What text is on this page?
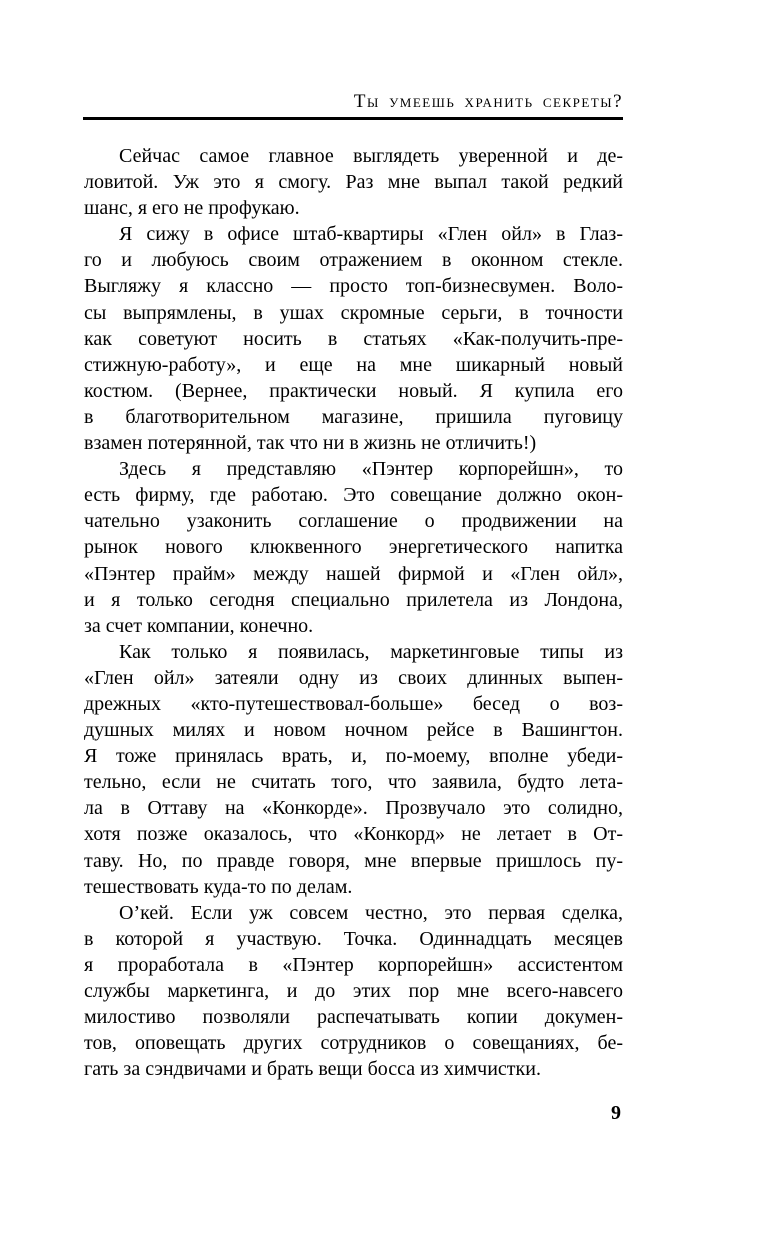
Ты умеешь хранить секреты?
Сейчас самое главное выглядеть уверенной и де-
ловитой. Уж это я смогу. Раз мне выпал такой редкий
шанс, я его не профукаю.
Я сижу в офисе штаб-квартиры «Глен ойл» в Глаз-
го и любуюсь своим отражением в оконном стекле.
Выгляжу я классно — просто топ-бизнесвумен. Воло-
сы выпрямлены, в ушах скромные серьги, в точности
как советуют носить в статьях «Как-получить-пре-
стижную-работу», и еще на мне шикарный новый
костюм. (Вернее, практически новый. Я купила его
в благотворительном магазине, пришила пуговицу
взамен потерянной, так что ни в жизнь не отличить!)
Здесь я представляю «Пэнтер корпорейшн», то
есть фирму, где работаю. Это совещание должно окон-
чательно узаконить соглашение о продвижении на
рынок нового клюквенного энергетического напитка
«Пэнтер прайм» между нашей фирмой и «Глен ойл»,
и я только сегодня специально прилетела из Лондона,
за счет компании, конечно.
Как только я появилась, маркетинговые типы из
«Глен ойл» затеяли одну из своих длинных выпен-
дрежных «кто-путешествовал-больше» бесед о воз-
душных милях и новом ночном рейсе в Вашингтон.
Я тоже принялась врать, и, по-моему, вполне убеди-
тельно, если не считать того, что заявила, будто лета-
ла в Оттаву на «Конкорде». Прозвучало это солидно,
хотя позже оказалось, что «Конкорд» не летает в От-
таву. Но, по правде говоря, мне впервые пришлось пу-
тешествовать куда-то по делам.
О’кей. Если уж совсем честно, это первая сделка,
в которой я участвую. Точка. Одиннадцать месяцев
я проработала в «Пэнтер корпорейшн» ассистентом
службы маркетинга, и до этих пор мне всего-навсего
милостиво позволяли распечатывать копии докумен-
тов, оповещать других сотрудников о совещаниях, бе-
гать за сэндвичами и брать вещи босса из химчистки.
9
